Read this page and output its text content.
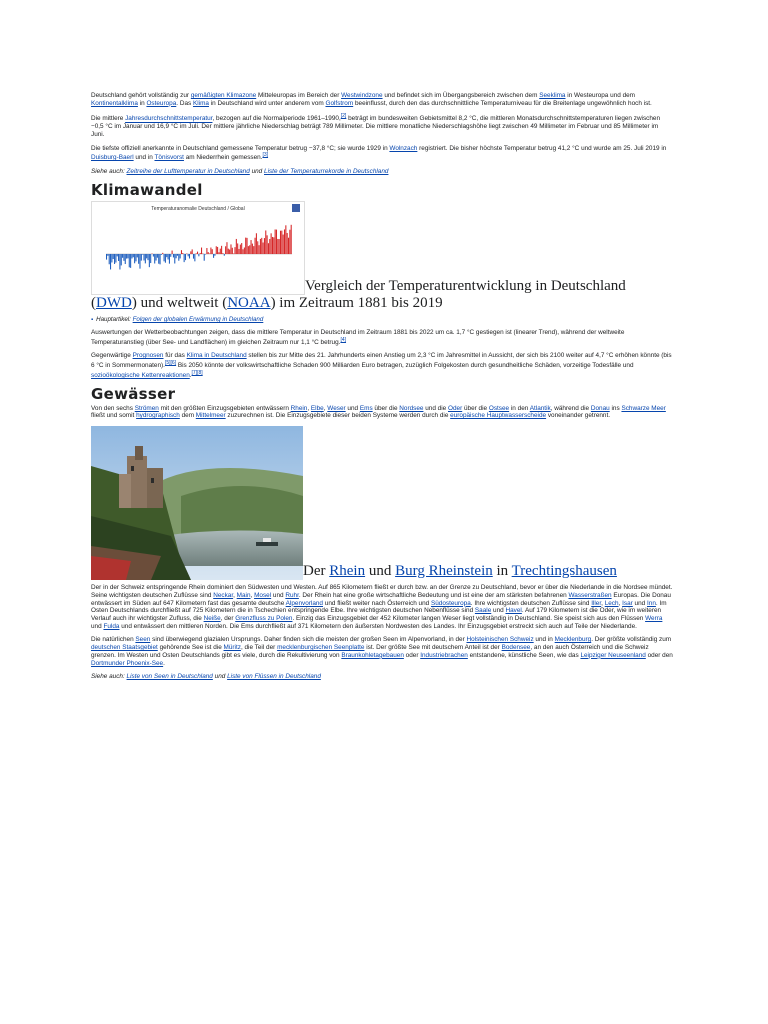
Deutschland gehört vollständig zur gemäßigten Klimazone Mitteleuropas im Bereich der Westwindzone und befindet sich im Übergangsbereich zwischen dem Seeklima in Westeuropa und dem Kontinentalklima in Osteuropa. Das Klima in Deutschland wird unter anderem vom Golfstrom beeinflusst, durch den das durchschnittliche Temperaturniveau für die Breitenlage ungewöhnlich hoch ist.

Die mittlere Jahresdurchschnittstemperatur, bezogen auf die Normalperiode 1961–1990,[2] beträgt im bundesweiten Gebietsmittel 8,2 °C, die mittleren Monatsdurchschnittstemperaturen liegen zwischen −0,5 °C im Januar und 16,9 °C im Juli. Der mittlere jährliche Niederschlag beträgt 789 Millimeter. Die mittlere monatliche Niederschlagshöhe liegt zwischen 49 Millimeter im Februar und 85 Millimeter im Juni.

Die tiefste offiziell anerkannte in Deutschland gemessene Temperatur betrug −37,8 °C; sie wurde 1929 in Wolnzach registriert. Die bisher höchste Temperatur betrug 41,2 °C und wurde am 25. Juli 2019 in Duisburg-Baerl und in Tönisvorst am Niederrhein gemessen.[3]

Siehe auch: Zeitreihe der Lufttemperatur in Deutschland und Liste der Temperaturrekorde in Deutschland

Klimawandel
Temperaturanomalie Deutschland / Global
Vergleich der Temperaturentwicklung in Deutschland (DWD) und weltweit (NOAA) im Zeitraum 1881 bis 2019

▪ Hauptartikel: Folgen der globalen Erwärmung in Deutschland

Auswertungen der Wetterbeobachtungen zeigen, dass die mittlere Temperatur in Deutschland im Zeitraum 1881 bis 2022 um ca. 1,7 °C gestiegen ist (linearer Trend), während der weltweite Temperaturanstieg (über See- und Landflächen) im gleichen Zeitraum nur 1,1 °C betrug.[4]

Gegenwärtige Prognosen für das Klima in Deutschland stellen bis zur Mitte des 21. Jahrhunderts einen Anstieg um 2,3 °C im Jahresmittel in Aussicht, der sich bis 2100 weiter auf 4,7 °C erhöhen könnte (bis 6 °C in Sommermonaten).[5][6] Bis 2050 könnte der volkswirtschaftliche Schaden 900 Milliarden Euro betragen, zuzüglich Folgekosten durch gesundheitliche Schäden, vorzeitige Todesfälle und sozioökologische Kettenreaktionen.[7][8]

Gewässer

Von den sechs Strömen mit den größten Einzugsgebieten entwässern Rhein, Elbe, Weser und Ems über die Nordsee und die Oder über die Ostsee in den Atlantik, während die Donau ins Schwarze Meer fließt und somit hydrographisch dem Mittelmeer zuzurechnen ist. Die Einzugsgebiete dieser beiden Systeme werden durch die europäische Hauptwasserscheide voneinander getrennt.

Der Rhein und Burg Rheinstein in Trechtingshausen

Der in der Schweiz entspringende Rhein dominiert den Südwesten und Westen. Auf 865 Kilometern fließt er durch bzw. an der Grenze zu Deutschland, bevor er über die Niederlande in die Nordsee mündet. Seine wichtigsten deutschen Zuflüsse sind Neckar, Main, Mosel und Ruhr. Der Rhein hat eine große wirtschaftliche Bedeutung und ist eine der am stärksten befahrenen Wasserstraßen Europas. Die Donau entwässert im Süden auf 647 Kilometern fast das gesamte deutsche Alpenvorland und fließt weiter nach Österreich und Südosteuropa. Ihre wichtigsten deutschen Zuflüsse sind Iller, Lech, Isar und Inn. Im Osten Deutschlands durchfließt auf 725 Kilometern die in Tschechien entspringende Elbe. Ihre wichtigsten deutschen Nebenflüsse sind Saale und Havel. Auf 179 Kilometern ist die Oder, wie im weiteren Verlauf auch ihr wichtigster Zufluss, die Neiße, der Grenzfluss zu Polen. Einzig das Einzugsgebiet der 452 Kilometer langen Weser liegt vollständig in Deutschland. Sie speist sich aus den Flüssen Werra und Fulda und entwässert den mittleren Norden. Die Ems durchfließt auf 371 Kilometern den äußersten Nordwesten des Landes. Ihr Einzugsgebiet erstreckt sich auch auf Teile der Niederlande.

Die natürlichen Seen sind überwiegend glazialen Ursprungs. Daher finden sich die meisten der großen Seen im Alpenvorland, in der Holsteinischen Schweiz und in Mecklenburg. Der größte vollständig zum deutschen Staatsgebiet gehörende See ist die Müritz, die Teil der mecklenburgischen Seenplatte ist. Der größte See mit deutschem Anteil ist der Bodensee, an den auch Österreich und die Schweiz grenzen. Im Westen und Osten Deutschlands gibt es viele, durch die Rekultivierung von Braunkohletagebauen oder Industriebrachen entstandene, künstliche Seen, wie das Leipziger Neuseenland oder den Dortmunder Phoenix-See.

Siehe auch: Liste von Seen in Deutschland und Liste von Flüssen in Deutschland
